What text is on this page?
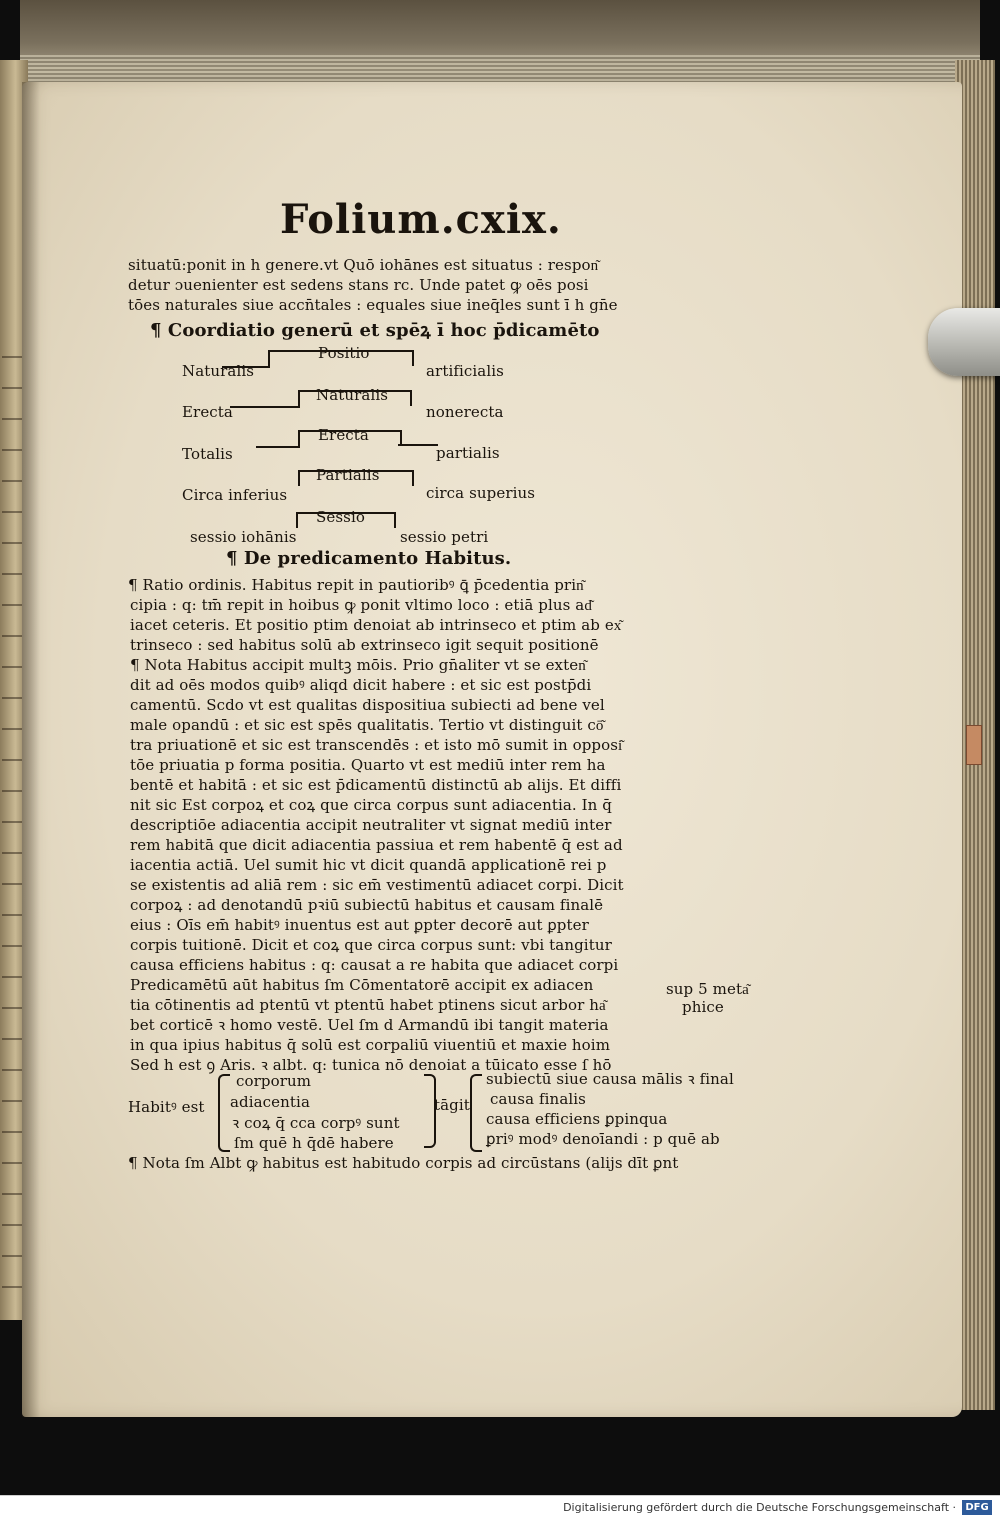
Folium.cxix.
situatū:ponit in h genere.vt Quō iohānes est situatus : respon͂
detur ɔuenienter est sedens stans rc. Unde patet ꝙ oēs posi
tōes naturales siue accn̄tales : equales siue ineq̄les sunt ī h gn̄e
¶ Coordiatio generū et spēꝝ ī hoc p̄dicamēto
Positio
Naturalis	artificialis
Naturalis
Erecta	nonerecta
Erecta
Totalis	partialis
Partialis
Circa inferius	circa superius
Sessio
sessio iohānis	sessio petri
¶ De predicamento Habitus.
¶ Ratio ordinis. Habitus repit in pautioribꝰ ꝗ̄ p̄cedentia prin͂
cipia : q: tm̄ repit in hoibus ꝙ ponit vltimo loco : etiā plus ad͂
iacet ceteris. Et positio ptim denoiat ab intrinseco et ptim ab ex͂
trinseco : sed habitus solū ab extrinseco igit sequit positionē
¶ Nota Habitus accipit multꝫ mōis. Prio gn̄aliter vt se exten͂
dit ad oēs modos quibꝰ aliqd dicit habere : et sic est postp̄di
camentū. Scdo vt est qualitas dispositiua subiecti ad bene vel
male opandū : et sic est spēs qualitatis. Tertio vt distinguit cō͂
tra priuationē et sic est transcendēs : et isto mō sumit in opposi͂
tōe priuatia p forma positia. Quarto vt est mediū inter rem ha
bentē et habitā : et sic est p̄dicamentū distinctū ab alijs. Et diffi
nit sic Est corpoꝝ et coꝝ que circa corpus sunt adiacentia. In q̄
descriptiōe adiacentia accipit neutraliter vt signat mediū inter
rem habitā que dicit adiacentia passiua et rem habentē q̄ est ad
iacentia actiā. Uel sumit hic vt dicit quandā applicationē rei p
se existentis ad aliā rem : sic em̄ vestimentū adiacet corpi. Dicit
corpoꝝ : ad denotandū pꝛiū subiectū habitus et causam finalē
eius : Oīs em̄ habitꝰ inuentus est aut ꝑpter decorē aut ꝑpter
corpis tuitionē. Dicit et coꝝ que circa corpus sunt: vbi tangitur
causa efficiens habitus : q: causat a re habita que adiacet corpi
Predicamētū aūt habitus ſm Cōmentatorē accipit ex adiacen
tia cōtinentis ad ptentū vt ptentū habet ptinens sicut arbor ha͂
bet corticē ꝛ homo vestē. Uel ſm d Armandū ibi tangit materia
in qua ipius habitus q̄ solū est corpaliū viuentiū et maxie hoim
Sed h est ꝯ Aris. ꝛ albt. q: tunica nō denoiat a tūicato esse ſ hō
sup 5 meta͂
phice
Habitꝰ est
corporum
adiacentia
ꝛ coꝝ q̄ cca corpꝰ sunt
ſm quē h q̄dē habere
tāgit
subiectū siue causa mālis ꝛ final
causa finalis
causa efficiens ꝑpinqua
ꝑriꝰ modꝰ denoīandi : p quē ab
¶ Nota ſm Albt ꝙ habitus est habitudo corpis ad circūstans (alijs dīt ꝑnt
Digitalisierung gefördert durch die Deutsche Forschungsgemeinschaft · DFG
